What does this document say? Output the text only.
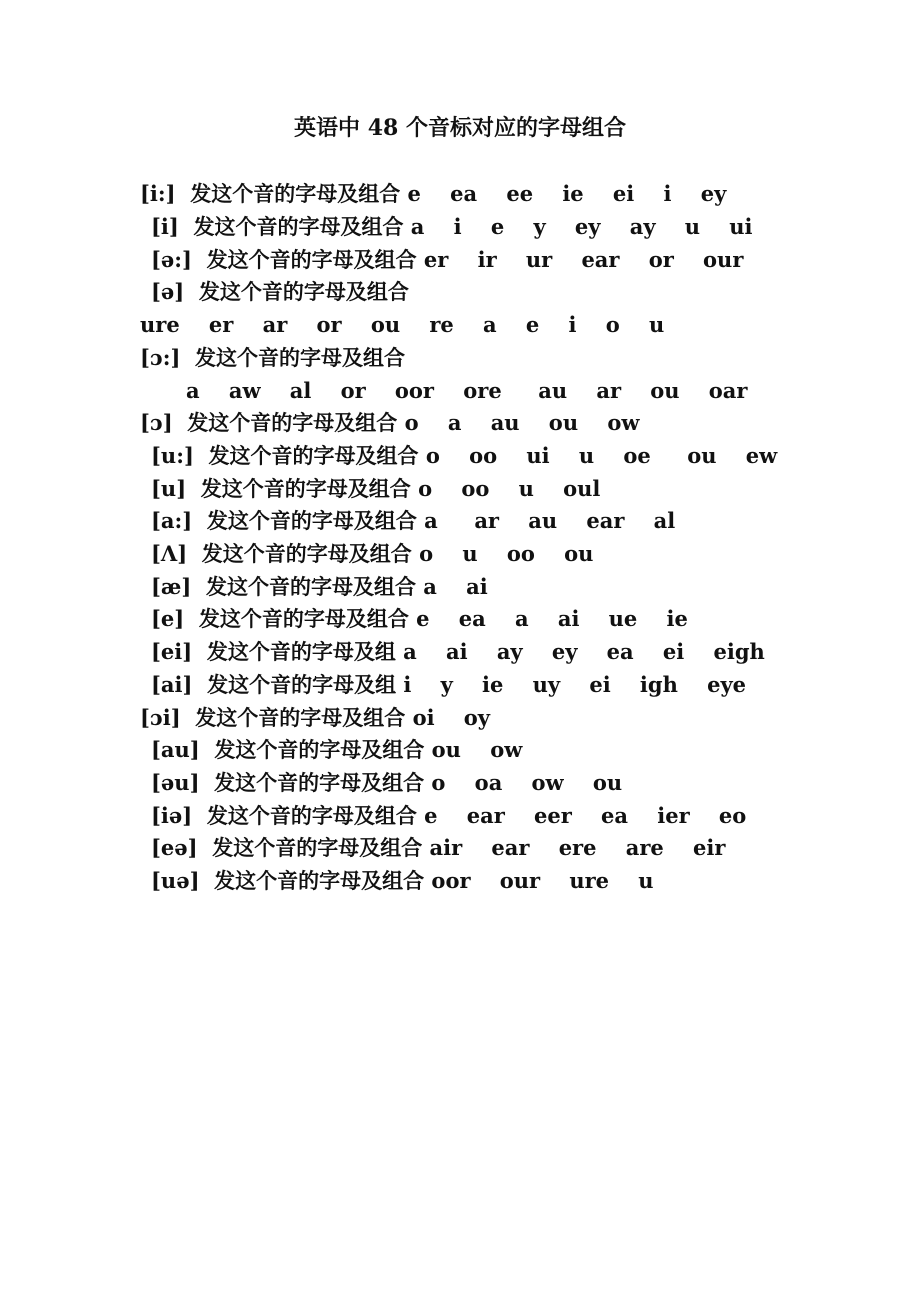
英语中 48 个音标对应的字母组合
[i:]  发这个音的字母及组合 e    ea    ee    ie    ei    i    ey
[i]  发这个音的字母及组合 a    i    e    y    ey    ay    u    ui
[ə:]  发这个音的字母及组合 er    ir    ur    ear    or    our
[ə]  发这个音的字母及组合
ure    er    ar    or    ou    re    a    e    i    o    u
[ɔ:]  发这个音的字母及组合
a    aw    al    or    oor    ore     au    ar    ou    oar
[ɔ]  发这个音的字母及组合 o    a    au    ou    ow
[u:]  发这个音的字母及组合 o    oo    ui    u    oe     ou    ew
[u]  发这个音的字母及组合 o    oo    u    oul
[a:]  发这个音的字母及组合 a     ar    au    ear    al
[Λ]  发这个音的字母及组合 o    u    oo    ou
[æ]  发这个音的字母及组合 a    ai
[e]  发这个音的字母及组合 e    ea    a    ai    ue    ie
[ei]  发这个音的字母及组 a    ai    ay    ey    ea    ei    eigh
[ai]  发这个音的字母及组 i    y    ie    uy    ei    igh    eye
[ɔi]  发这个音的字母及组合 oi    oy
[au]  发这个音的字母及组合 ou    ow
[əu]  发这个音的字母及组合 o    oa    ow    ou
[iə]  发这个音的字母及组合 e    ear    eer    ea    ier    eo
[eə]  发这个音的字母及组合 air    ear    ere    are    eir
[uə]  发这个音的字母及组合 oor    our    ure    u
